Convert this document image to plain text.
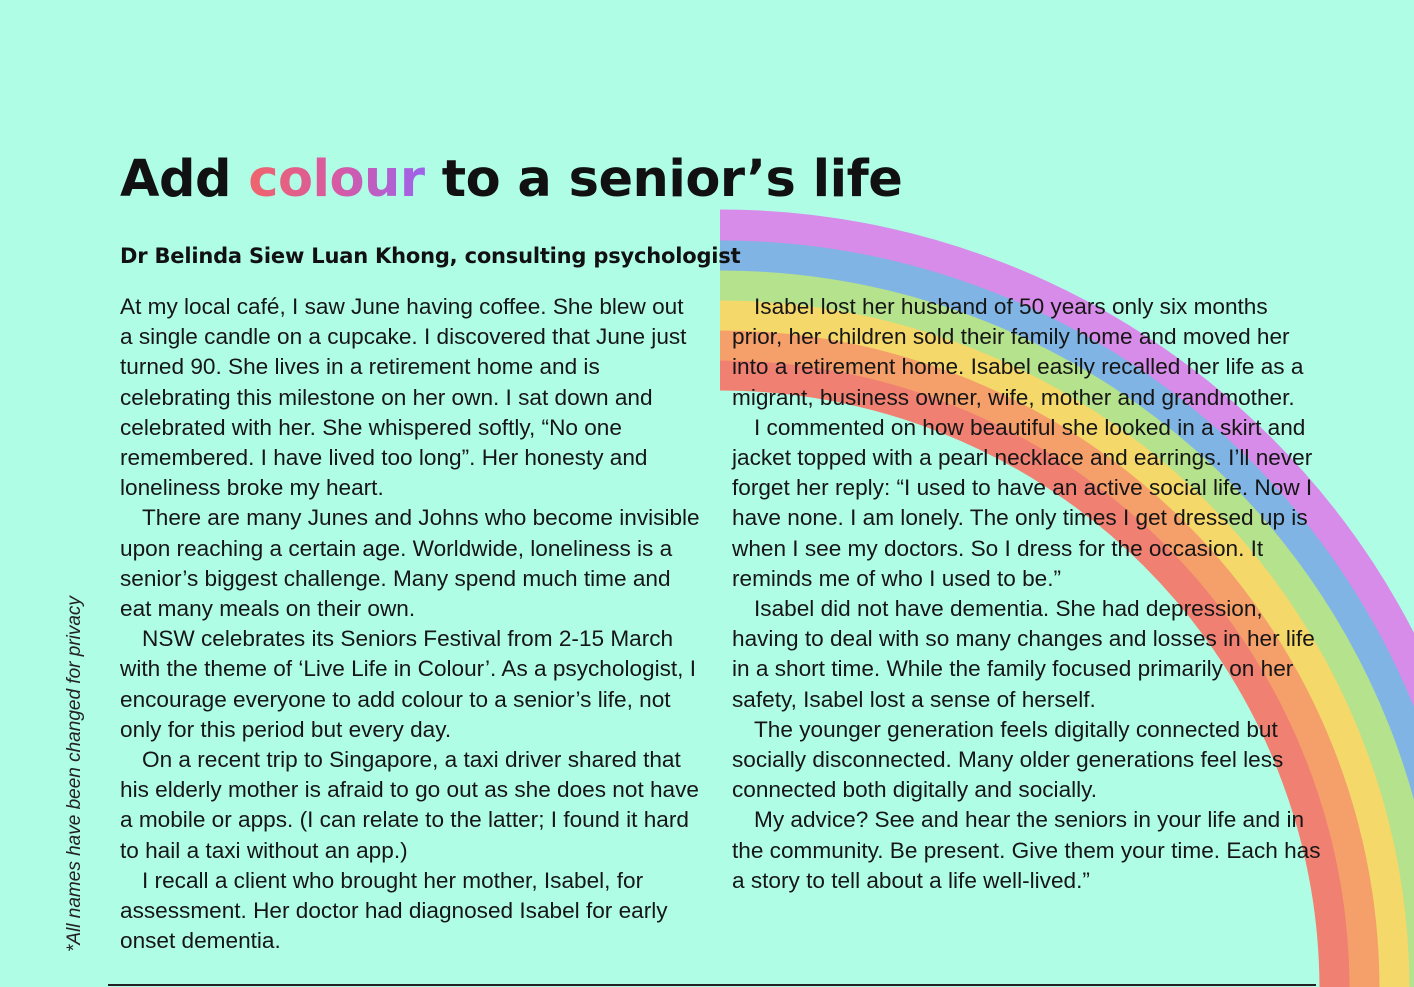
Add colour to a senior’s life
Dr Belinda Siew Luan Khong, consulting psychologist

At my local café, I saw June having coffee. She blew out a single candle on a cupcake. I discovered that June just turned 90. She lives in a retirement home and is celebrating this milestone on her own. I sat down and celebrated with her. She whispered softly, “No one remembered. I have lived too long”. Her honesty and loneliness broke my heart.

There are many Junes and Johns who become invisible upon reaching a certain age. Worldwide, loneliness is a senior’s biggest challenge. Many spend much time and eat many meals on their own.

NSW celebrates its Seniors Festival from 2-15 March with the theme of ‘Live Life in Colour’. As a psychologist, I encourage everyone to add colour to a senior’s life, not only for this period but every day.

On a recent trip to Singapore, a taxi driver shared that his elderly mother is afraid to go out as she does not have a mobile or apps. (I can relate to the latter; I found it hard to hail a taxi without an app.)

I recall a client who brought her mother, Isabel, for assessment. Her doctor had diagnosed Isabel for early onset dementia.

Isabel lost her husband of 50 years only six months prior, her children sold their family home and moved her into a retirement home. Isabel easily recalled her life as a migrant, business owner, wife, mother and grandmother.

I commented on how beautiful she looked in a skirt and jacket topped with a pearl necklace and earrings. I’ll never forget her reply: “I used to have an active social life. Now I have none. I am lonely. The only times I get dressed up is when I see my doctors. So I dress for the occasion. It reminds me of who I used to be.”

Isabel did not have dementia. She had depression, having to deal with so many changes and losses in her life in a short time. While the family focused primarily on her safety, Isabel lost a sense of herself.

The younger generation feels digitally connected but socially disconnected. Many older generations feel less connected both digitally and socially.

My advice? See and hear the seniors in your life and in the community. Be present. Give them your time. Each has a story to tell about a life well-lived.”

*All names have been changed for privacy
